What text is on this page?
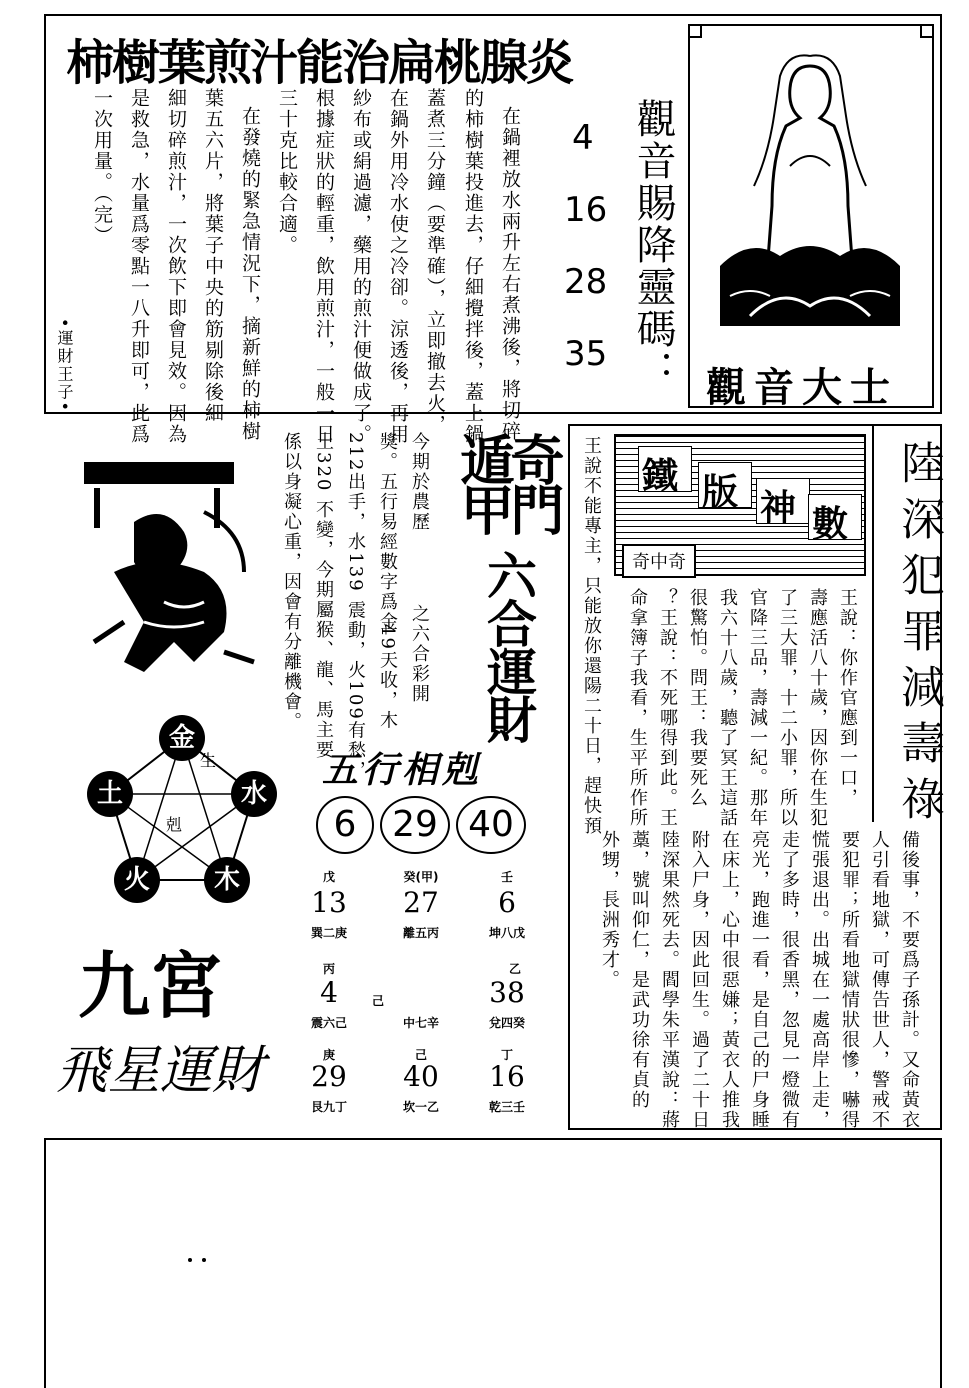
柿樹葉煎汁能治扁桃腺炎
在鍋裡放水兩升左右煮沸後，將切碎
的柿樹葉投進去，仔細攪拌後，蓋上鍋
蓋煮三分鐘（要準確），立即撤去火，
在鍋外用冷水使之冷卻。涼透後，再用
紗布或絹過濾，藥用的煎汁便做成了。
根據症狀的輕重，飲用煎汁，一般一日
三十克比較合適。
在發燒的緊急情況下，摘新鮮的柿樹
葉五六片，將葉子中央的筋剔除後細
細切碎煎汁，一次飲下即會見效。因為
是救急，水量爲零點一八升即可，此爲
一次用量。（完）
•運財王子•	觀音賜降靈碼：
4
16
28
35
觀音大士
陸深犯罪減壽祿
鐵 版 神 數
奇中奇
王說：你作官應到一口，
壽應活八十歲，因你在生犯
了三大罪，十二小罪，所以
官降三品，壽減一紀。那年
我六十八歲，聽了冥王這話
很驚怕。問王：我要死么
？王說：不死哪得到此。王
命拿簿子我看，生平所作所
王說不能專主，只能放你還陽二十日，趕快預
備後事，不要爲子孫計。又命黃衣
人引看地獄，可傳告世人，警戒不
要犯罪；所看地獄情狀很慘，嚇得
慌張退出。出城在一處高岸上走，
走了多時，很香黑，忽見一燈微有
亮光，跑進一看，是自己的尸身睡
在床上，心中很惡嫌；黃衣人推我
附入尸身，因此回生。過了二十日
陸深果然死去。閻學朱平漢說：蔣
藁，號叫仰仁，是武功徐有貞的
外甥，長洲秀才。
奇門
遁甲
六合運財
今期於農歷
之六合彩開
獎。五行易經數字爲金
49天收，木
212出手，水139 震動，火109有愁，
土320 不變，今期屬猴、龍、馬主要
係以身凝心重，因會有分離機會。
金
水
木
火
土
生
剋
五行相剋
6 29 40
九宮
飛星運財
戊
13
巽二庚
癸(甲)
27
離五丙
壬
6
坤八戊
丙
4
震六己
己
中七辛
乙
38
兌四癸
庚
29
艮九丁
己
40
坎一乙
丁
16
乾三壬
